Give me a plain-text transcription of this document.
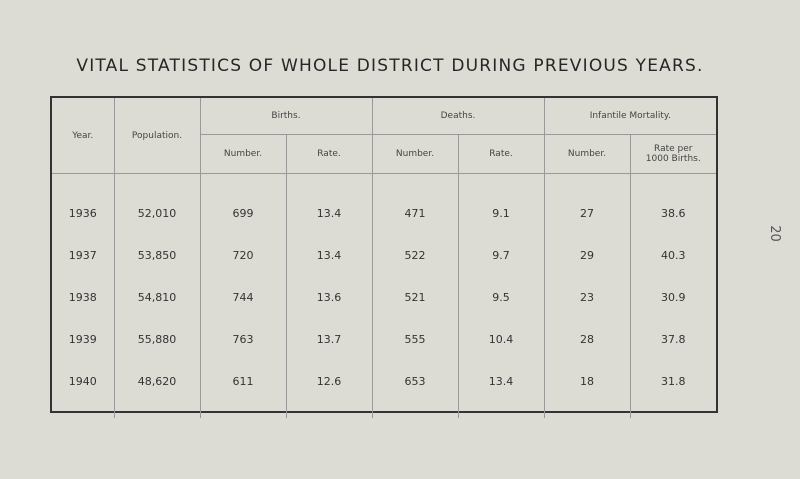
VITAL STATISTICS OF WHOLE DISTRICT DURING PREVIOUS YEARS.
20
Year.	Population.	Births.		Deaths.		Infantile Mortality.	
		Number.	Rate.	Number.	Rate.	Number.	Rate per 1000 Births.

1936	52,010	699	13.4	471	9.1	27	38.6
1937	53,850	720	13.4	522	9.7	29	40.3
1938	54,810	744	13.6	521	9.5	23	30.9
1939	55,880	763	13.7	555	10.4	28	37.8
1940	48,620	611	12.6	653	13.4	18	31.8
